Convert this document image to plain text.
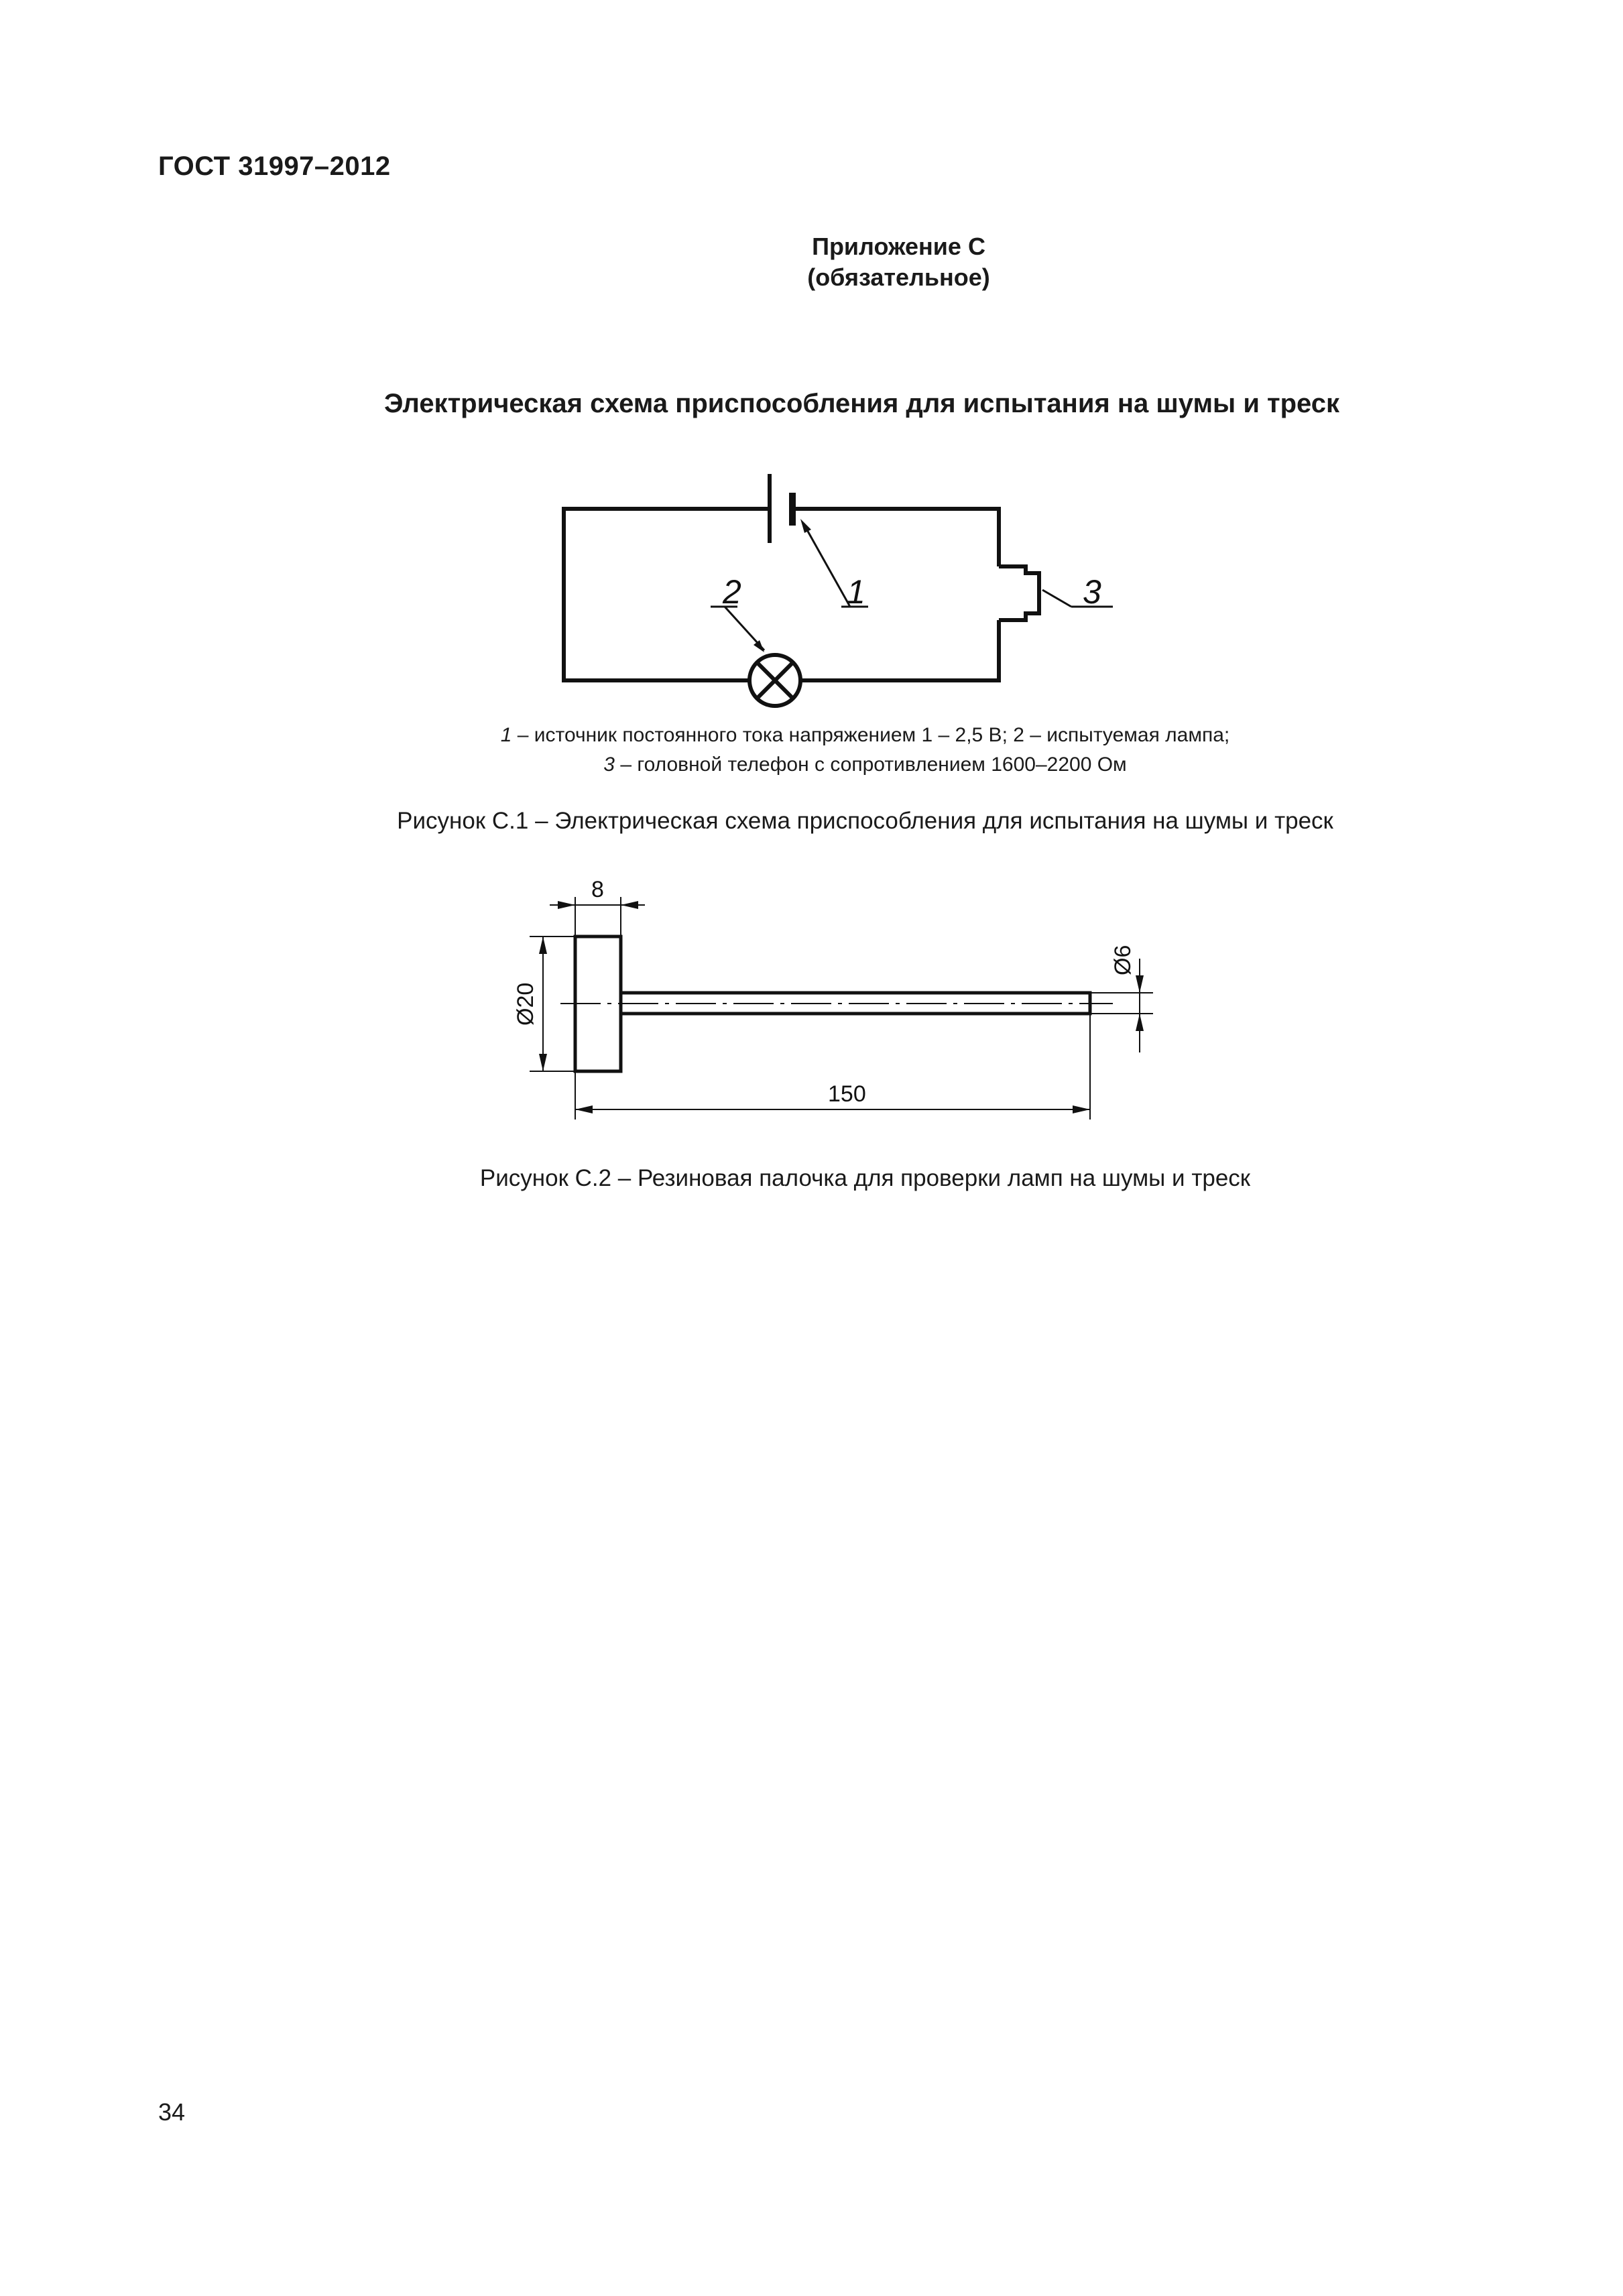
ГОСТ 31997–2012
Приложение С
(обязательное)
Электрическая схема приспособления для испытания на шумы и треск
1
2	3
8
150
Ø20
Ø6
1 – источник постоянного тока напряжением 1 – 2,5 В; 2 – испытуемая лампа;
3 – головной телефон с сопротивлением 1600–2200 Ом
Рисунок С.1 – Электрическая схема приспособления для испытания на шумы и треск
Рисунок С.2 – Резиновая палочка для проверки ламп на шумы и треск
34
